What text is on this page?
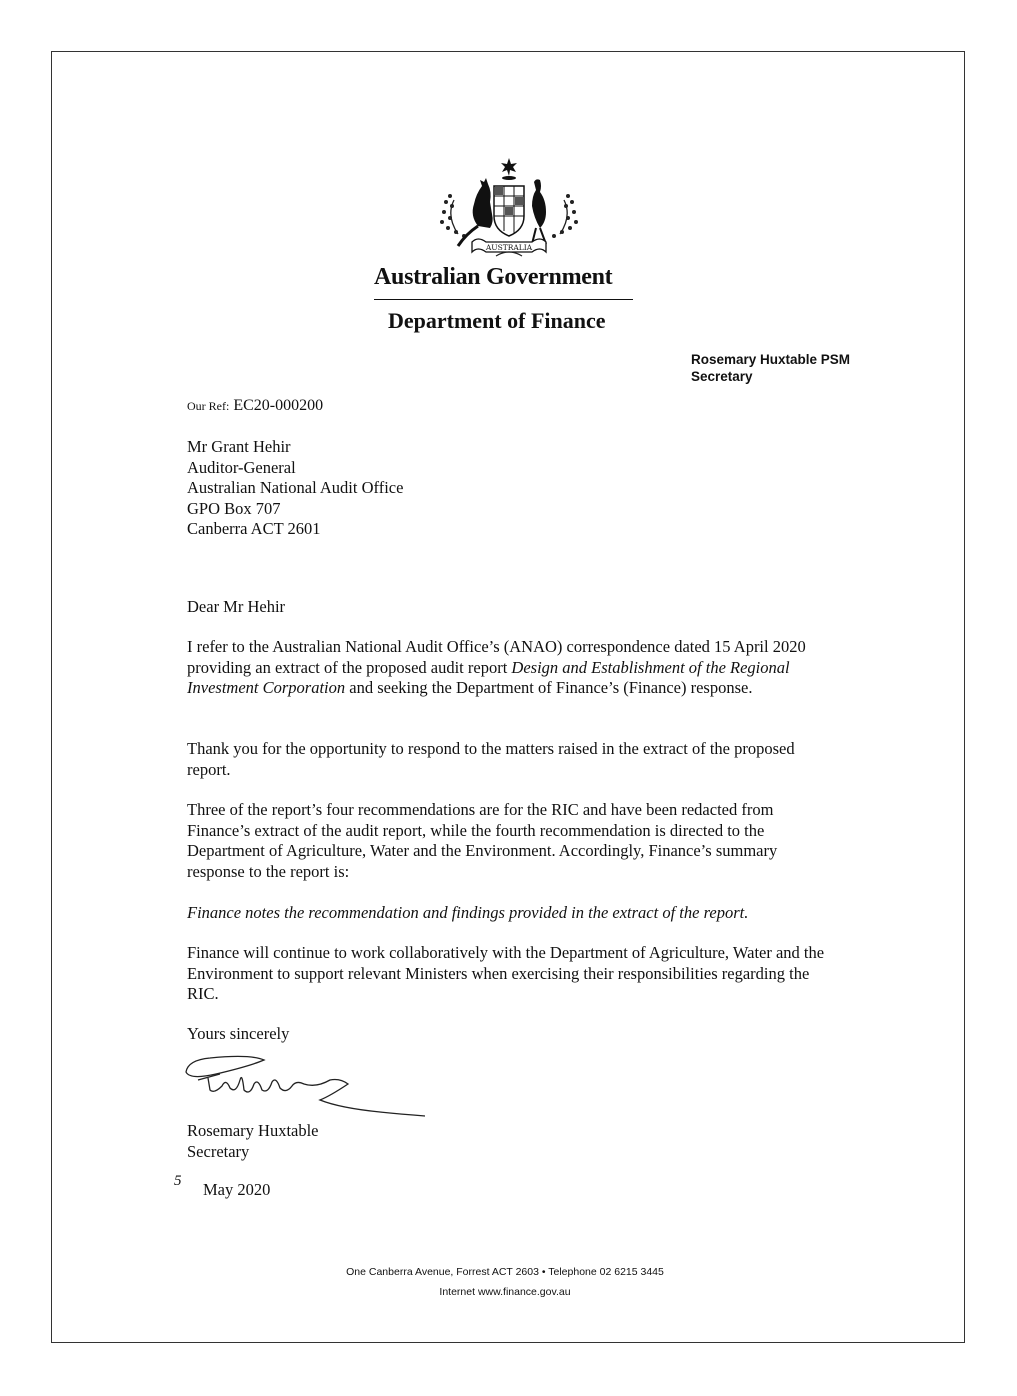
AUSTRALIA
Australian Government
Department of Finance
Rosemary Huxtable PSM
Secretary
Our Ref: EC20-000200
Mr Grant Hehir
Auditor-General
Australian National Audit Office
GPO Box 707
Canberra ACT 2601
Dear Mr Hehir

I refer to the Australian National Audit Office’s (ANAO) correspondence dated 15 April 2020 providing an extract of the proposed audit report Design and Establishment of the Regional Investment Corporation and seeking the Department of Finance’s (Finance) response.

Thank you for the opportunity to respond to the matters raised in the extract of the proposed report.

Three of the report’s four recommendations are for the RIC and have been redacted from Finance’s extract of the audit report, while the fourth recommendation is directed to the Department of Agriculture, Water and the Environment. Accordingly, Finance’s summary response to the report is:

Finance notes the recommendation and findings provided in the extract of the report.

Finance will continue to work collaboratively with the Department of Agriculture, Water and the Environment to support relevant Ministers when exercising their responsibilities regarding the RIC.

Yours sincerely
Rosemary Huxtable
Secretary
5 May 2020
One Canberra Avenue, Forrest ACT 2603 • Telephone 02 6215 3445
Internet www.finance.gov.au
